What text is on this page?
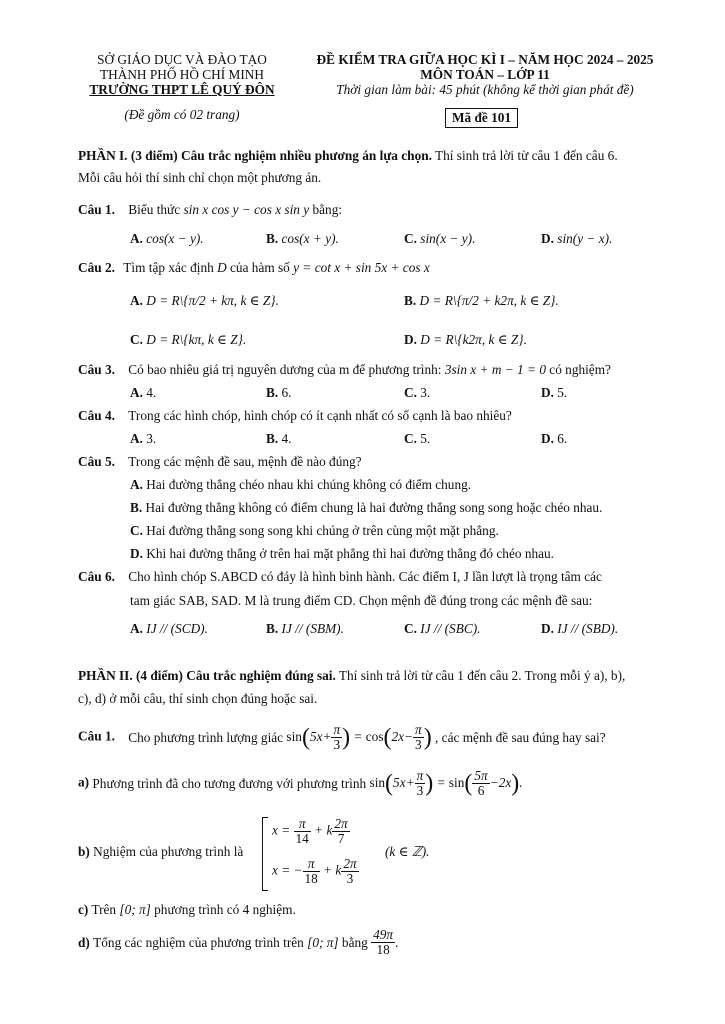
SỞ GIÁO DỤC VÀ ĐÀO TẠO
THÀNH PHỐ HỒ CHÍ MINH
TRƯỜNG THPT LÊ QUÝ ĐÔN
(Đề gồm có 02 trang)
ĐỀ KIỂM TRA GIỮA HỌC KÌ I – NĂM HỌC 2024 – 2025
MÔN TOÁN – LỚP 11
Thời gian làm bài: 45 phút (không kể thời gian phát đề)
Mã đề 101
PHẦN I. (3 điểm) Câu trắc nghiệm nhiều phương án lựa chọn. Thí sinh trả lời từ câu 1 đến câu 6.
Mỗi câu hỏi thí sinh chỉ chọn một phương án.
Câu 1. Biểu thức sin x cos y − cos x sin y bằng:
A. cos(x − y).	B. cos(x + y).	C. sin(x − y).	D. sin(y − x).
Câu 2. Tìm tập xác định D của hàm số y = cot x + sin 5x + cos x
A. D = R\{π/2 + kπ, k ∈ Z}.	B. D = R\{π/2 + k2π, k ∈ Z}.
C. D = R\{kπ, k ∈ Z}.	D. D = R\{k2π, k ∈ Z}.
Câu 3. Có bao nhiêu giá trị nguyên dương của m để phương trình: 3sin x + m − 1 = 0 có nghiệm?
A. 4.	B. 6.	C. 3.	D. 5.
Câu 4. Trong các hình chóp, hình chóp có ít cạnh nhất có số cạnh là bao nhiêu?
A. 3.	B. 4.	C. 5.	D. 6.
Câu 5. Trong các mệnh đề sau, mệnh đề nào đúng?
A. Hai đường thẳng chéo nhau khi chúng không có điểm chung.
B. Hai đường thẳng không có điểm chung là hai đường thẳng song song hoặc chéo nhau.
C. Hai đường thẳng song song khi chúng ở trên cùng một mặt phẳng.
D. Khi hai đường thẳng ở trên hai mặt phẳng thì hai đường thẳng đó chéo nhau.
Câu 6. Cho hình chóp S.ABCD có đáy là hình bình hành. Các điểm I, J lần lượt là trọng tâm các
tam giác SAB, SAD. M là trung điểm CD. Chọn mệnh đề đúng trong các mệnh đề sau:
A. IJ // (SCD).	B. IJ // (SBM).	C. IJ // (SBC).	D. IJ // (SBD).
PHẦN II. (4 điểm) Câu trắc nghiệm đúng sai. Thí sinh trả lời từ câu 1 đến câu 2. Trong mỗi ý a), b),
c), d) ở mỗi câu, thí sinh chọn đúng hoặc sai.
Câu 1. Cho phương trình lượng giác $\sin(5x+ \frac{\pi}{3}$ ) = $\cos(2x- \frac{\pi}{3}$ ) , các mệnh đề sau đúng hay sai?
a) Phương trình đã cho tương đương với phương trình $\sin(5x+ \frac{\pi}{3}$ ) = $\sin( \frac{5\pi}{6} -2x)$.
b) Nghiệm của phương trình là
$x = \frac{\pi}{14} + k \frac{2\pi}{7}$
x = − $\frac{\pi}{18} + k \frac{2\pi}{3}$
(k ∈ ℤ).
c) Trên [0; π] phương trình có 4 nghiệm.
d) Tổng các nghiệm của phương trình trên [0; π] bằng $\frac{49\pi}{18}$ .
